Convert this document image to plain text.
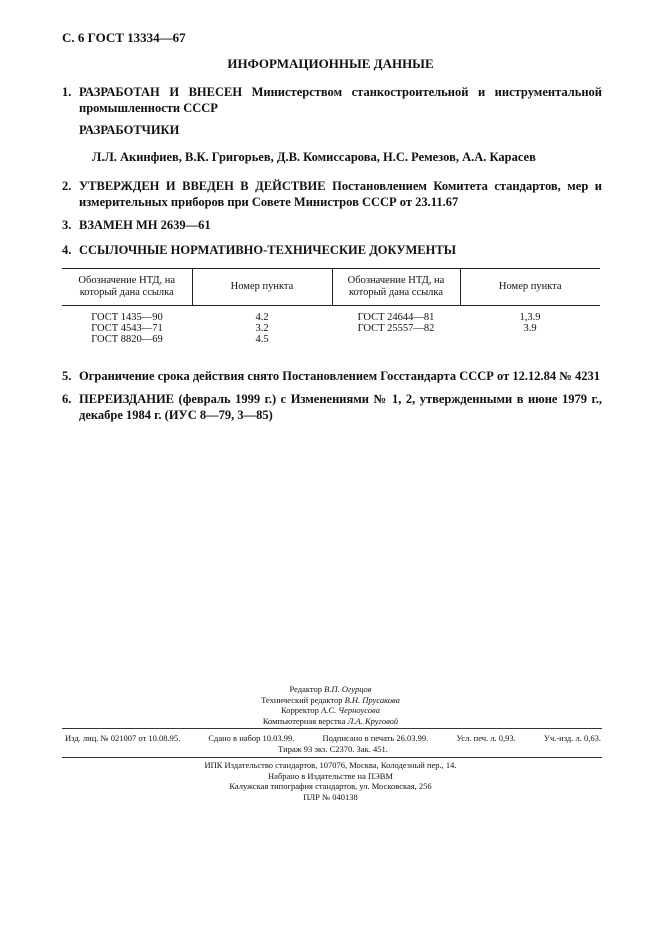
С. 6 ГОСТ 13334—67
ИНФОРМАЦИОННЫЕ ДАННЫЕ
1. РАЗРАБОТАН И ВНЕСЕН Министерством станкостроительной и инструментальной промышленности СССР
РАЗРАБОТЧИКИ
Л.Л. Акинфиев, В.К. Григорьев, Д.В. Комиссарова, Н.С. Ремезов, А.А. Карасев
2. УТВЕРЖДЕН И ВВЕДЕН В ДЕЙСТВИЕ Постановлением Комитета стандартов, мер и измерительных приборов при Совете Министров СССР от 23.11.67
3. ВЗАМЕН МН 2639—61
4. ССЫЛОЧНЫЕ НОРМАТИВНО-ТЕХНИЧЕСКИЕ ДОКУМЕНТЫ
Обозначение НТД, на который дана ссылка	Номер пункта	Обозначение НТД, на который дана ссылка	Номер пункта
ГОСТ 1435—90	4.2	ГОСТ 24644—81	1,3.9
ГОСТ 4543—71	3.2	ГОСТ 25557—82	3.9
ГОСТ 8820—69	4.5		
5. Ограничение срока действия снято Постановлением Госстандарта СССР от 12.12.84 № 4231
6. ПЕРЕИЗДАНИЕ (февраль 1999 г.) с Изменениями № 1, 2, утвержденными в июне 1979 г., декабре 1984 г. (ИУС 8—79, 3—85)
Редактор В.П. Огурцов
Технический редактор В.Н. Прусакова
Корректор А.С. Черноусова
Компьютерная верстка Л.А. Круговой
Изд. лиц. № 021007 от 10.08.95.	Сдано в набор 10.03.99.	Подписано в печать 26.03.99.	Усл. печ. л. 0,93.	Уч.-изд. л. 0,63.
Тираж 93 экз. С2370. Зак. 451.
ИПК Издательство стандартов, 107076, Москва, Колодезный пер., 14.
Набрано в Издательстве на ПЭВМ
Калужская типография стандартов, ул. Московская, 256
ПЛР № 040138
